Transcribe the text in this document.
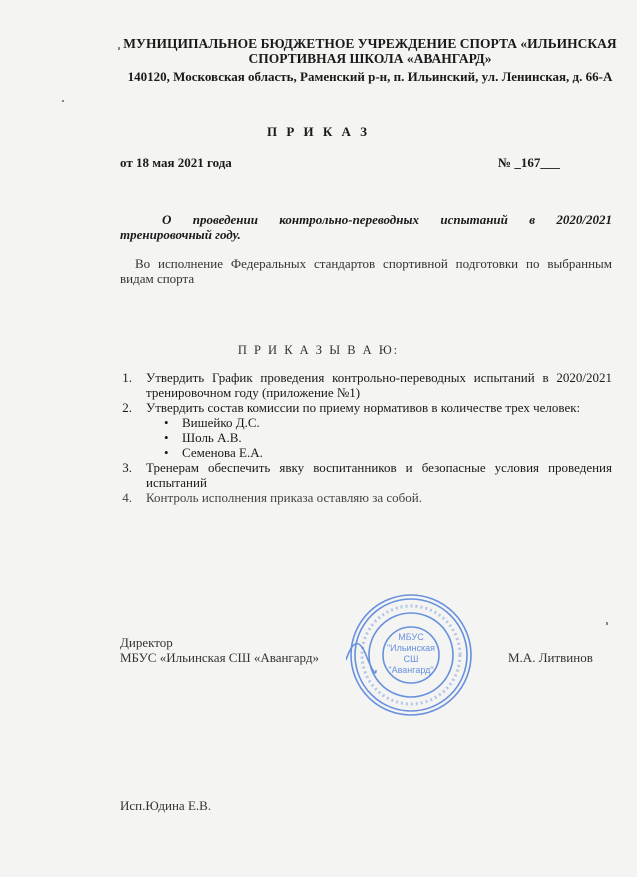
МУНИЦИПАЛЬНОЕ БЮДЖЕТНОЕ УЧРЕЖДЕНИЕ СПОРТА «ИЛЬИНСКАЯ
СПОРТИВНАЯ ШКОЛА «АВАНГАРД»
140120, Московская область, Раменский р-н, п. Ильинский, ул. Ленинская, д. 66-А
П Р И К А З
от 18 мая 2021 года	№ _167___
О проведении контрольно-переводных испытаний в 2020/2021 тренировочный году.
Во исполнение Федеральных стандартов спортивной подготовки по выбранным видам спорта
П Р И К А З Ы В А Ю:
1. Утвердить График проведения контрольно-переводных испытаний в 2020/2021 тренировочном году (приложение №1)
2. Утвердить состав комиссии по приему нормативов в количестве трех человек:
• Вишейко Д.С.
• Шоль А.В.
• Семенова Е.А.
3. Тренерам обеспечить явку воспитанников и безопасные условия проведения испытаний
4. Контроль исполнения приказа оставляю за собой.
Директор
МБУС «Ильинская СШ «Авангард»	М.А. Литвинов
МБУС
"Ильинская
СШ
"Авангард"
Исп.Юдина Е.В.
